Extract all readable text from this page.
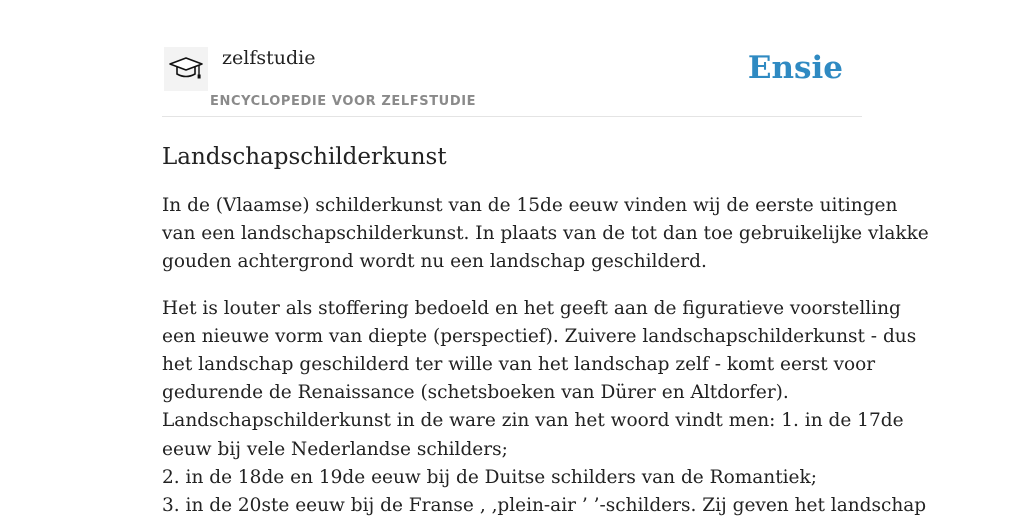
zelfstudie
ENCYCLOPEDIE VOOR ZELFSTUDIE
Ensie
Landschapschilderkunst

In de (Vlaamse) schilderkunst van de 15de eeuw vinden wij de eerste uitingen
van een landschapschilderkunst. In plaats van de tot dan toe gebruikelijke vlakke
gouden achtergrond wordt nu een landschap geschilderd.

Het is louter als stoffering bedoeld en het geeft aan de figuratieve voorstelling
een nieuwe vorm van diepte (perspectief). Zuivere landschapschilderkunst - dus
het landschap geschilderd ter wille van het landschap zelf - komt eerst voor
gedurende de Renaissance (schetsboeken van Dürer en Altdorfer).
Landschapschilderkunst in de ware zin van het woord vindt men: 1. in de 17de
eeuw bij vele Nederlandse schilders;
2. in de 18de en 19de eeuw bij de Duitse schilders van de Romantiek;
3. in de 20ste eeuw bij de Franse ‚ ‚plein-air ’ ’-schilders. Zij geven het landschap
